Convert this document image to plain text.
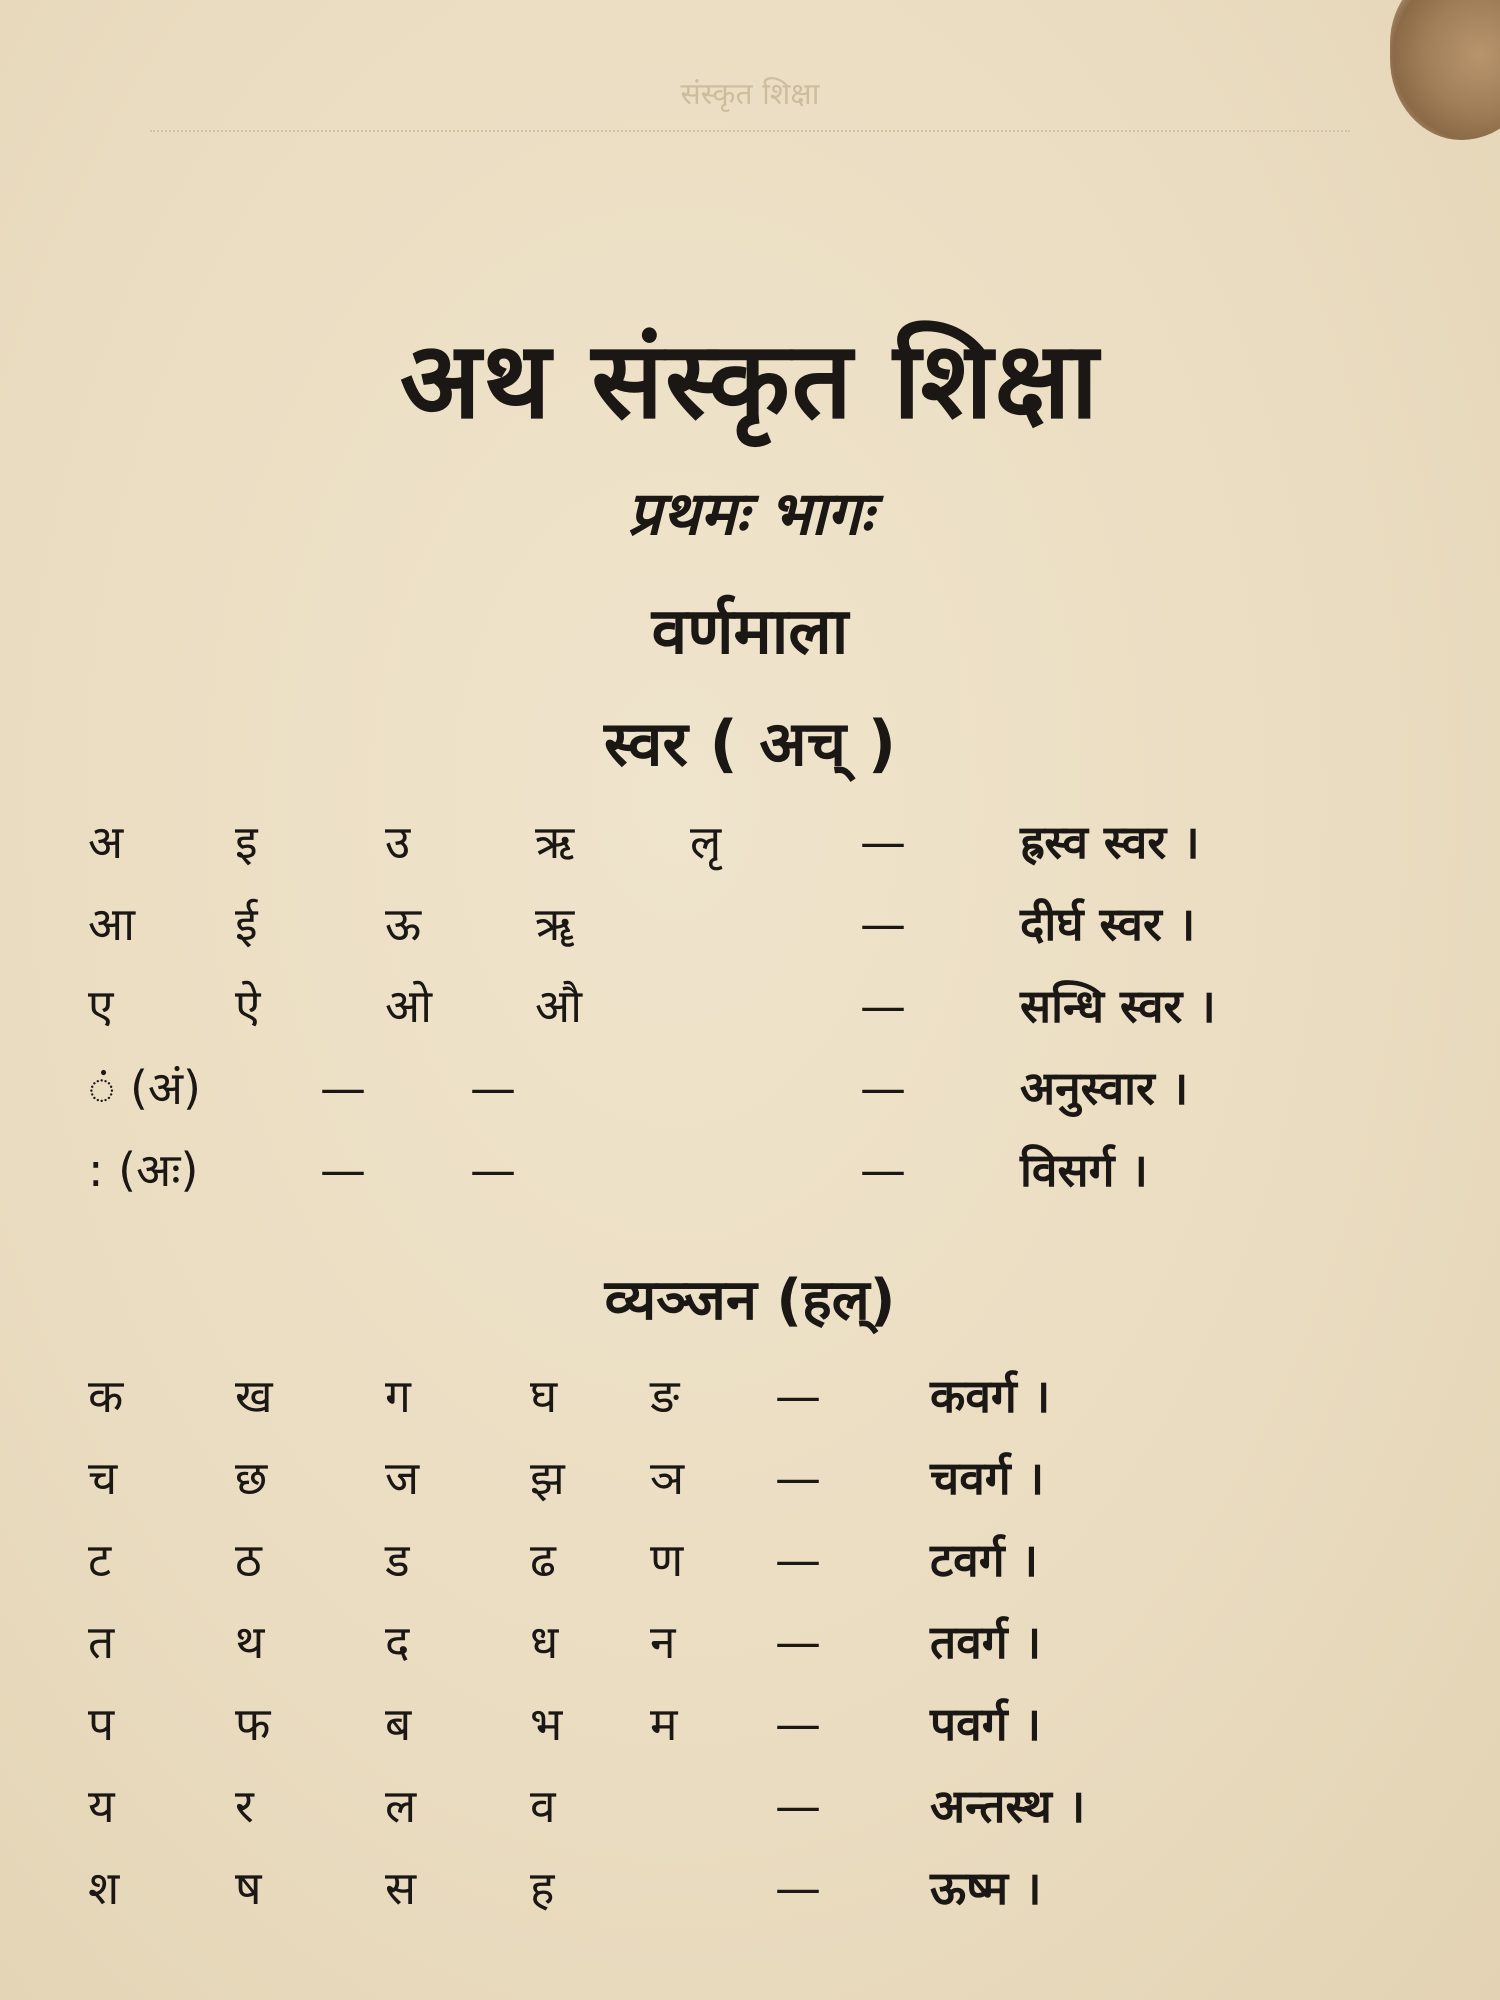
संस्कृत शिक्षा
अथ संस्कृत शिक्षा
प्रथमः भागः
वर्णमाला
स्वर ( अच् )
अ इ	उ	ऋ	लृ	— ह्रस्व स्वर ।
आ ई	ऊ ॠ	— दीर्घ स्वर ।
ए	ऐ	ओ औ	— सन्धि स्वर ।
ं (अं)	— —	— अनुस्वार ।
: (अः)	— —	— विसर्ग ।
व्यञ्जन (हल्)
क ख ग	घ ङ — कवर्ग ।
च	छ	ज झ ञ — चवर्ग ।
ट	ठ	ड	ढ ण — टवर्ग ।
त	थ	द	ध न — तवर्ग ।
प	फ ब	भ म — पवर्ग ।
य	र	ल व	— अन्तस्थ ।
श	ष	स ह	— ऊष्म ।
